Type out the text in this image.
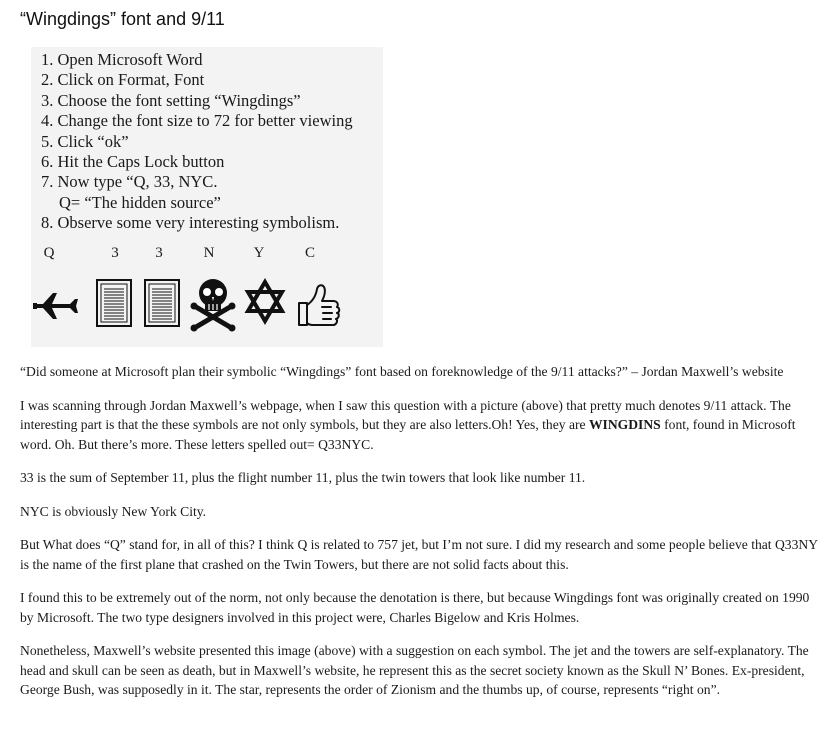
“Wingdings” font and 9/11
1. Open Microsoft Word
2. Click on Format, Font
3. Choose the font setting “Wingdings”
4. Change the font size to 72 for better viewing
5. Click “ok”
6. Hit the Caps Lock button
7. Now type “Q, 33, NYC.
Q= “The hidden source”
8. Observe some very interesting symbolism.
Q	3	3	N	Y	C

“Did someone at Microsoft plan their symbolic “Wingdings” font based on foreknowledge of the 9/11 attacks?” – Jordan Maxwell’s website

I was scanning through Jordan Maxwell’s webpage, when I saw this question with a picture (above) that pretty much denotes 9/11 attack. The interesting part is that the these symbols are not only symbols, but they are also letters.Oh! Yes, they are WINGDINS font, found in Microsoft word. Oh. But there’s more. These letters spelled out= Q33NYC.

33 is the sum of September 11, plus the flight number 11, plus the twin towers that look like number 11.

NYC is obviously New York City.

But What does “Q” stand for, in all of this? I think Q is related to 757 jet, but I’m not sure. I did my research and some people believe that Q33NY is the name of the first plane that crashed on the Twin Towers, but there are not solid facts about this.

I found this to be extremely out of the norm, not only because the denotation is there, but because Wingdings font was originally created on 1990 by Microsoft. The two type designers involved in this project were, Charles Bigelow and Kris Holmes.

Nonetheless, Maxwell’s website presented this image (above) with a suggestion on each symbol. The jet and the towers are self-explanatory. The head and skull can be seen as death, but in Maxwell’s website, he represent this as the secret society known as the Skull N’ Bones. Ex-president, George Bush, was supposedly in it. The star, represents the order of Zionism and the thumbs up, of course, represents “right on”.
